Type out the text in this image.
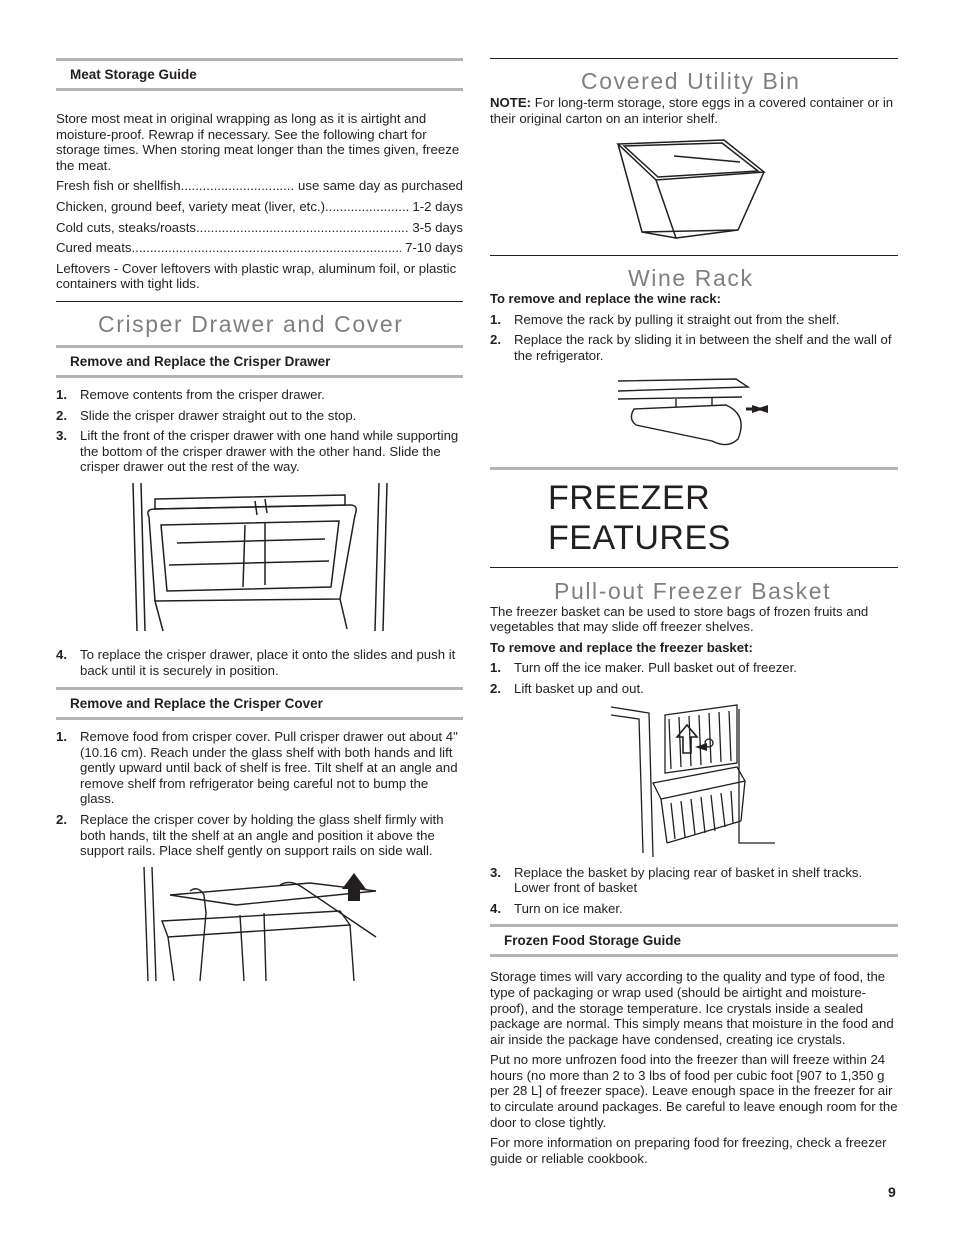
Meat Storage Guide

Store most meat in original wrapping as long as it is airtight and moisture-proof. Rewrap if necessary. See the following chart for storage times. When storing meat longer than the times given, freeze the meat.

Fresh fish or shellfish .....
	use same day as purchased
Chicken, ground beef, variety meat (liver, etc.) .....
	1-2 days
Cold cuts, steaks/roasts .....
	3-5 days
Cured meats .....
	7-10 days

Leftovers - Cover leftovers with plastic wrap, aluminum foil, or plastic containers with tight lids.

Crisper Drawer and Cover
Remove and Replace the Crisper Drawer
1. Remove contents from the crisper drawer.
2. Slide the crisper drawer straight out to the stop.
3. Lift the front of the crisper drawer with one hand while supporting the bottom of the crisper drawer with the other hand. Slide the crisper drawer out the rest of the way.
4. To replace the crisper drawer, place it onto the slides and push it back until it is securely in position.
Remove and Replace the Crisper Cover
1. Remove food from crisper cover. Pull crisper drawer out about 4" (10.16 cm). Reach under the glass shelf with both hands and lift gently upward until back of shelf is free. Tilt shelf at an angle and remove shelf from refrigerator being careful not to bump the glass.
2. Replace the crisper cover by holding the glass shelf firmly with both hands, tilt the shelf at an angle and position it above the support rails. Place shelf gently on support rails on side wall.
Covered Utility Bin

NOTE: For long-term storage, store eggs in a covered container or in their original carton on an interior shelf.

Wine Rack
To remove and replace the wine rack:
1. Remove the rack by pulling it straight out from the shelf.
2. Replace the rack by sliding it in between the shelf and the wall of the refrigerator.
FREEZER FEATURES
Pull-out Freezer Basket

The freezer basket can be used to store bags of frozen fruits and vegetables that may slide off freezer shelves.

To remove and replace the freezer basket:
1. Turn off the ice maker. Pull basket out of freezer.
2. Lift basket up and out.
3. Replace the basket by placing rear of basket in shelf tracks. Lower front of basket
4. Turn on ice maker.
Frozen Food Storage Guide

Storage times will vary according to the quality and type of food, the type of packaging or wrap used (should be airtight and moisture-proof), and the storage temperature. Ice crystals inside a sealed package are normal. This simply means that moisture in the food and air inside the package have condensed, creating ice crystals.

Put no more unfrozen food into the freezer than will freeze within 24 hours (no more than 2 to 3 lbs of food per cubic foot [907 to 1,350 g per 28 L] of freezer space). Leave enough space in the freezer for air to circulate around packages. Be careful to leave enough room for the door to close tightly.

For more information on preparing food for freezing, check a freezer guide or reliable cookbook.

9
